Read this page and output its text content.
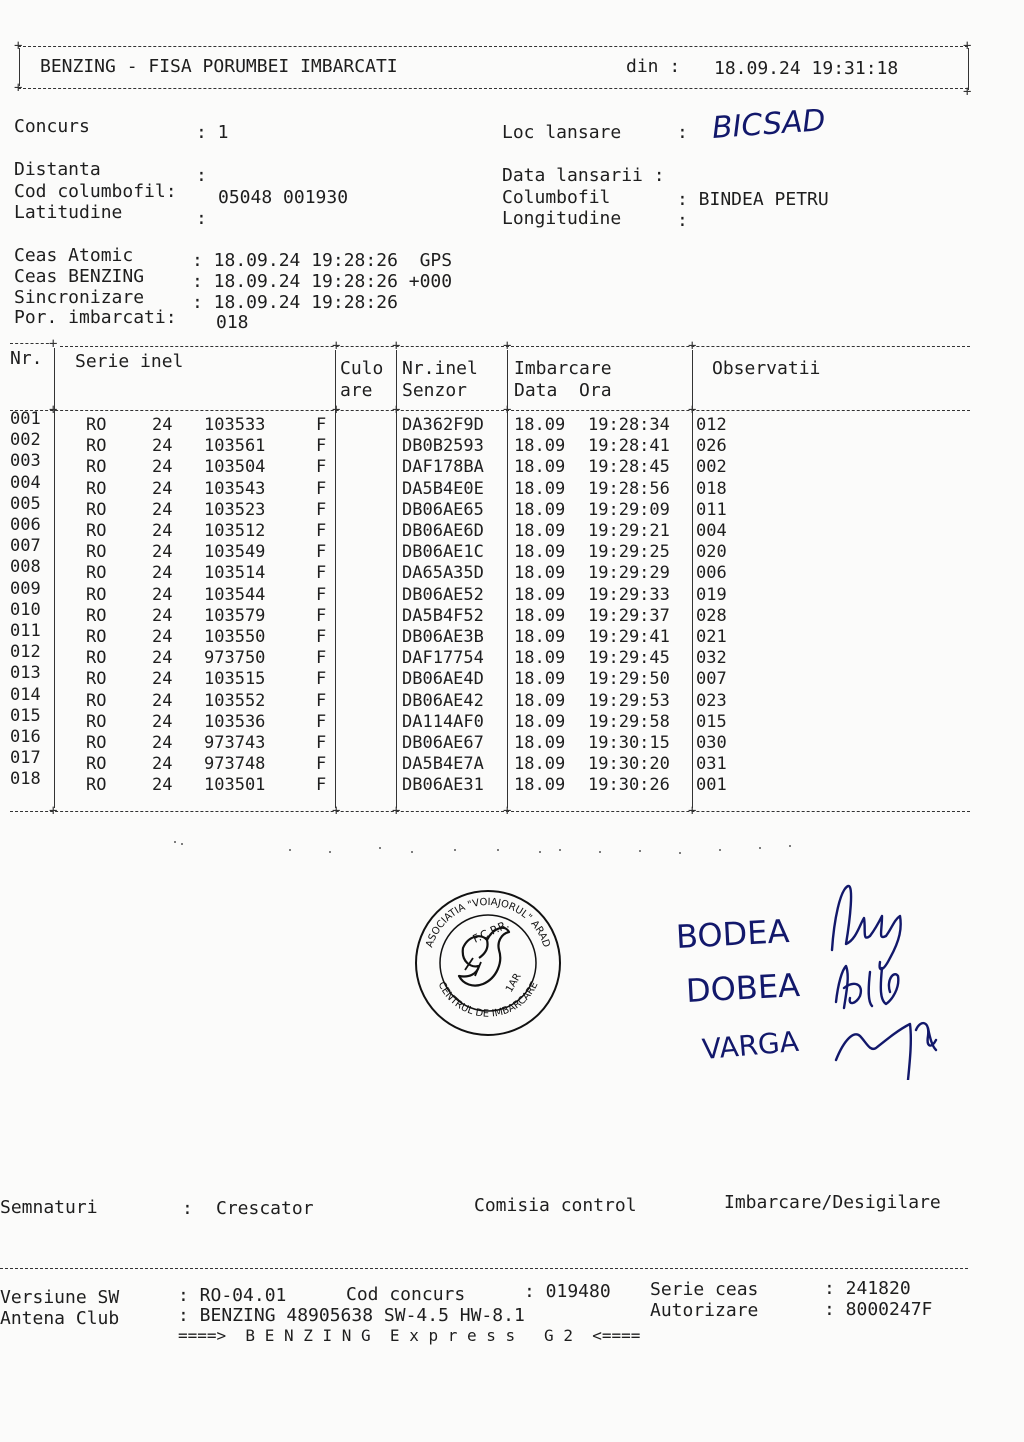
+	+
+	+
BENZING - FISA PORUMBEI IMBARCATI	din : 18.09.24 19:31:18
Concurs	: 1	Loc lansare	: BICSAD
Distanta	:	Data lansarii :
Cod columbofil: 05048 001930	Columbofil	: BINDEA PETRU
Latitudine	:	Longitudine	:
Ceas Atomic	: 18.09.24 19:28:26  GPS
Ceas BENZING	: 18.09.24 19:28:26 +000
Sincronizare	: 18.09.24 19:28:26
Por. imbarcati: 018
+
+
+
+	+	+	+
+	+	+	+
+	+	+	+
Nr. Serie inel	Culo
are
Nr.inel
Senzor
Imbarcare
Data  Ora
Observatii
001	RO	24 103533	F	DA362F9D 18.09 19:28:34 012
002	RO	24 103561	F	DB0B2593 18.09 19:28:41 026
003	RO	24 103504	F	DAF178BA 18.09 19:28:45 002
004	RO	24 103543	F	DA5B4E0E 18.09 19:28:56 018
005	RO	24 103523	F	DB06AE65 18.09 19:29:09 011
006	RO	24 103512	F	DB06AE6D 18.09 19:29:21 004
007	RO	24 103549	F	DB06AE1C 18.09 19:29:25 020
008	RO	24 103514	F	DA65A35D 18.09 19:29:29 006
009	RO	24 103544	F	DB06AE52 18.09 19:29:33 019
010	RO	24 103579	F	DA5B4F52 18.09 19:29:37 028
011	RO	24 103550	F	DB06AE3B 18.09 19:29:41 021
012	RO	24 973750	F	DAF17754 18.09 19:29:45 032
013	RO	24 103515	F	DB06AE4D 18.09 19:29:50 007
014	RO	24 103552	F	DB06AE42 18.09 19:29:53 023
015	RO	24 103536	F	DA114AF0 18.09 19:29:58 015
016	RO	24 973743	F	DB06AE67 18.09 19:30:15 030
017	RO	24 973748	F	DA5B4E7A 18.09 19:30:20 031
018	RO	24 103501	F	DB06AE31 18.09 19:30:26 001
ASOCIATIA "VOIAJORUL" ARAD
CENTRUL DE IMBARCARE
F.C.P.R.
1AR
BODEA
DOBEA
VARGA
Semnaturi	: Crescator	Comisia control	Imbarcare/Desigilare
Versiune SW	: RO-04.01	Cod concurs	: 019480 Serie ceas	: 241820
Antena Club	: BENZING 48905638 SW-4.5 HW-8.1	Autorizare	: 8000247F
====>  B E N Z I N G  E x p r e s s   G 2  <====
